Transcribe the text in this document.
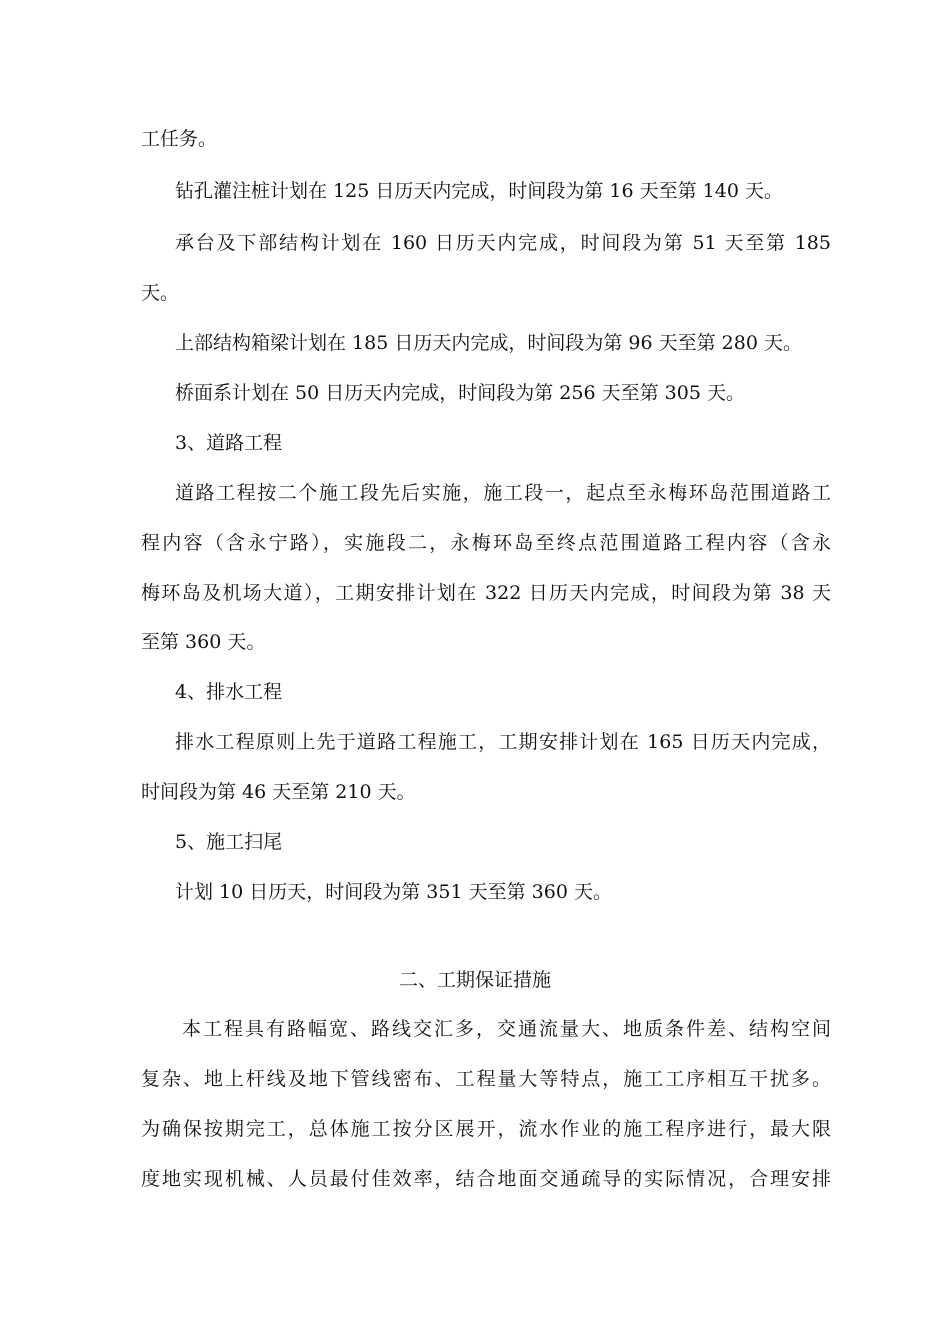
工任务。
钻孔灌注桩计划在 125 日历天内完成，时间段为第 16 天至第 140 天。
承台及下部结构计划在 160 日历天内完成，时间段为第 51 天至第 185
天。
上部结构箱梁计划在 185 日历天内完成，时间段为第 96 天至第 280 天。
桥面系计划在 50 日历天内完成，时间段为第 256 天至第 305 天。
3、道路工程
道路工程按二个施工段先后实施，施工段一，起点至永梅环岛范围道路工
程内容（含永宁路），实施段二，永梅环岛至终点范围道路工程内容（含永
梅环岛及机场大道），工期安排计划在 322 日历天内完成，时间段为第 38 天
至第 360 天。
4、排水工程
排水工程原则上先于道路工程施工，工期安排计划在 165 日历天内完成，
时间段为第 46 天至第 210 天。
5、施工扫尾
计划 10 日历天，时间段为第 351 天至第 360 天。
二、工期保证措施
本工程具有路幅宽、路线交汇多，交通流量大、地质条件差、结构空间
复杂、地上杆线及地下管线密布、工程量大等特点，施工工序相互干扰多。
为确保按期完工，总体施工按分区展开，流水作业的施工程序进行，最大限
度地实现机械、人员最付佳效率，结合地面交通疏导的实际情况，合理安排
